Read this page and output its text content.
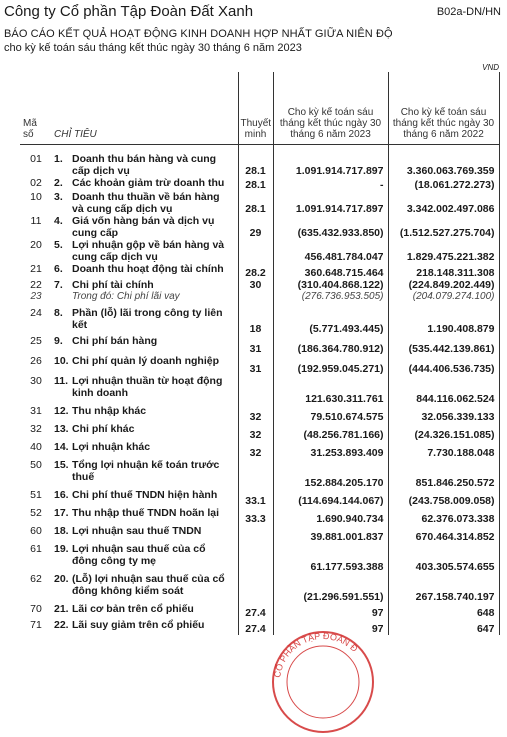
Công ty Cổ phần Tập Đoàn Đất Xanh	B02a-DN/HN
BÁO CÁO KẾT QUẢ HOẠT ĐỘNG KINH DOANH HỢP NHẤT GIỮA NIÊN ĐỘ
cho kỳ kế toán sáu tháng kết thúc ngày 30 tháng 6 năm 2023
VND
Mã số	CHỈ TIÊU	Thuyết minh	Cho kỳ kế toán sáu tháng kết thúc ngày 30 tháng 6 năm 2023	Cho kỳ kế toán sáu tháng kết thúc ngày 30 tháng 6 năm 2022

01	1. Doanh thu bán hàng và cung cấp dịch vụ	28.1	1.091.914.717.897	3.360.063.769.359
02	2. Các khoản giảm trừ doanh thu	28.1	-	(18.061.272.273)
10	3. Doanh thu thuần về bán hàng và cung cấp dịch vụ	28.1	1.091.914.717.897	3.342.002.497.086
11	4. Giá vốn hàng bán và dịch vụ cung cấp	29	(635.432.933.850)	(1.512.527.275.704)
20	5. Lợi nhuận gộp về bán hàng và cung cấp dịch vụ		456.481.784.047	1.829.475.221.382
21	6. Doanh thu hoạt động tài chính	28.2	360.648.715.464	218.148.311.308
22	7. Chi phí tài chính	30	(310.404.868.122)	(224.849.202.449)
23	Trong đó: Chi phí lãi vay		(276.736.953.505)	(204.079.274.100)
24	8. Phần (lỗ) lãi trong công ty liên kết	18	(5.771.493.445)	1.190.408.879
25	9. Chi phí bán hàng	31	(186.364.780.912)	(535.442.139.861)
26	10. Chi phí quản lý doanh nghiệp	31	(192.959.045.271)	(444.406.536.735)
30	11. Lợi nhuận thuần từ hoạt động kinh doanh		121.630.311.761	844.116.062.524
31	12. Thu nhập khác	32	79.510.674.575	32.056.339.133
32	13. Chi phí khác	32	(48.256.781.166)	(24.326.151.085)
40	14. Lợi nhuận khác	32	31.253.893.409	7.730.188.048
50	15. Tổng lợi nhuận kế toán trước thuế		152.884.205.170	851.846.250.572
51	16. Chi phí thuế TNDN hiện hành	33.1	(114.694.144.067)	(243.758.009.058)
52	17. Thu nhập thuế TNDN hoãn lại	33.3	1.690.940.734	62.376.073.338
60	18. Lợi nhuận sau thuế TNDN		39.881.001.837	670.464.314.852
61	19. Lợi nhuận sau thuế của cổ đông công ty mẹ		61.177.593.388	403.305.574.655
62	20. (Lỗ) lợi nhuận sau thuế của cổ đông không kiểm soát		(21.296.591.551)	267.158.740.197
70	21. Lãi cơ bản trên cổ phiếu	27.4	97	648
71	22. Lãi suy giảm trên cổ phiếu	27.4	97	647
CỔ PHẦN TẬP ĐOÀN Đ
